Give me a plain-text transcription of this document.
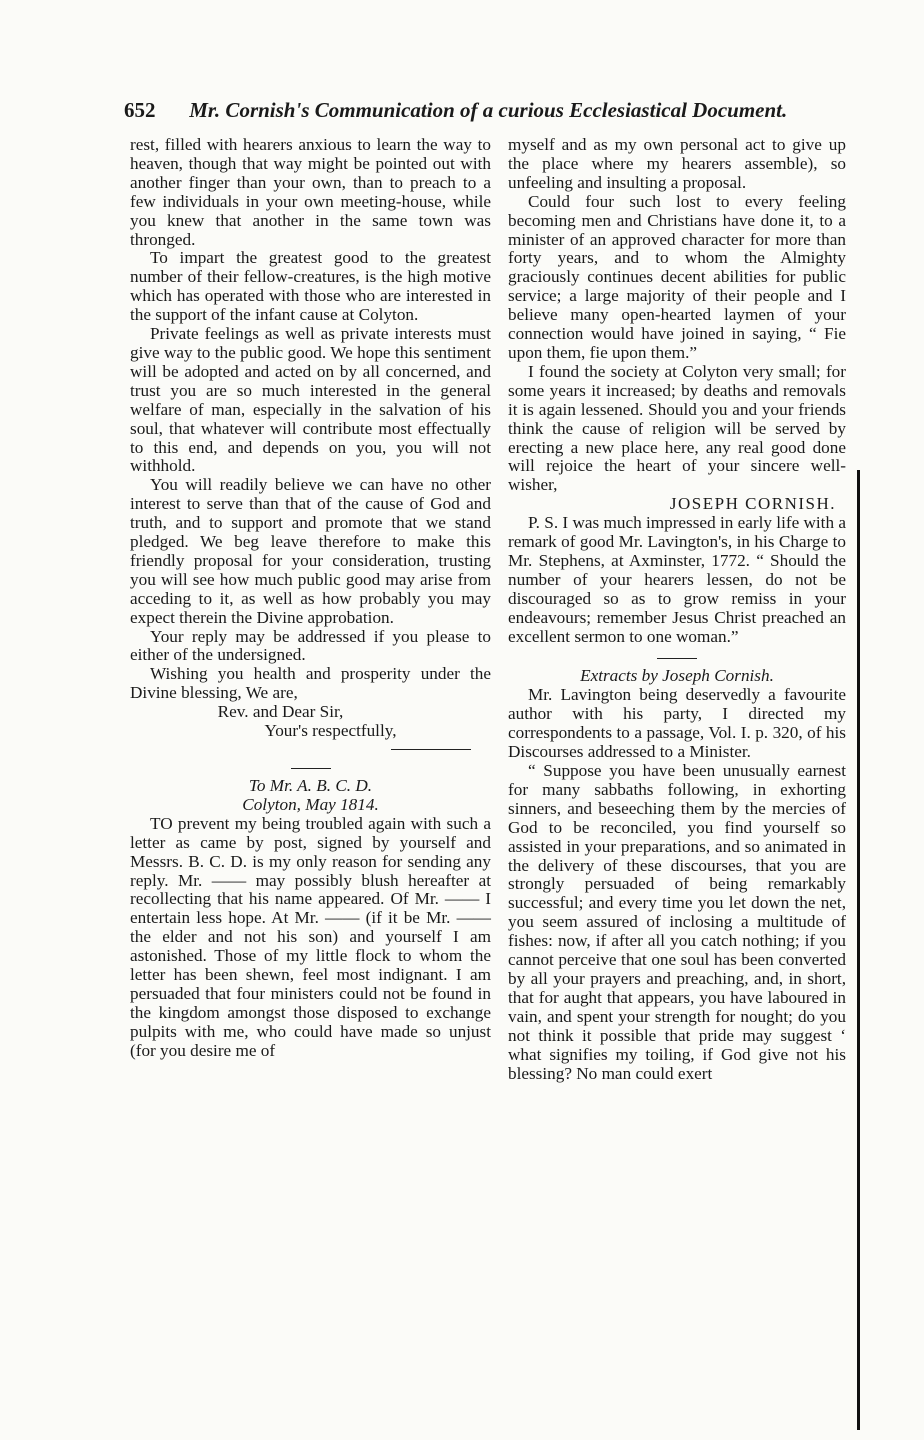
652 Mr. Cornish's Communication of a curious Ecclesiastical Document.

rest, filled with hearers anxious to learn the way to heaven, though that way might be pointed out with another finger than your own, than to preach to a few individuals in your own meeting-house, while you knew that another in the same town was thronged.

To impart the greatest good to the greatest number of their fellow-creatures, is the high motive which has operated with those who are interested in the support of the infant cause at Colyton.

Private feelings as well as private interests must give way to the public good. We hope this sentiment will be adopted and acted on by all concerned, and trust you are so much interested in the general welfare of man, especially in the salvation of his soul, that whatever will contribute most effectually to this end, and depends on you, you will not withhold.

You will readily believe we can have no other interest to serve than that of the cause of God and truth, and to support and promote that we stand pledged. We beg leave therefore to make this friendly proposal for your consideration, trusting you will see how much public good may arise from acceding to it, as well as how probably you may expect therein the Divine approbation.

Your reply may be addressed if you please to either of the undersigned.

Wishing you health and prosperity under the Divine blessing, We are,

Rev. and Dear Sir,

Your's respectfully,

To Mr. A. B. C. D.

Colyton, May 1814.

TO prevent my being troubled again with such a letter as came by post, signed by yourself and Messrs. B. C. D. is my only reason for sending any reply. Mr. —— may possibly blush hereafter at recollecting that his name appeared. Of Mr. —— I entertain less hope. At Mr. —— (if it be Mr. —— the elder and not his son) and yourself I am astonished. Those of my little flock to whom the letter has been shewn, feel most indignant. I am persuaded that four ministers could not be found in the kingdom amongst those disposed to exchange pulpits with me, who could have made so unjust (for you desire me of

myself and as my own personal act to give up the place where my hearers assemble), so unfeeling and insulting a proposal.

Could four such lost to every feeling becoming men and Christians have done it, to a minister of an approved character for more than forty years, and to whom the Almighty graciously continues decent abilities for public service; a large majority of their people and I believe many open-hearted laymen of your connection would have joined in saying, “ Fie upon them, fie upon them.”

I found the society at Colyton very small; for some years it increased; by deaths and removals it is again lessened. Should you and your friends think the cause of religion will be served by erecting a new place here, any real good done will rejoice the heart of your sincere well-wisher,

JOSEPH CORNISH.

P. S. I was much impressed in early life with a remark of good Mr. Lavington's, in his Charge to Mr. Stephens, at Axminster, 1772. “ Should the number of your hearers lessen, do not be discouraged so as to grow remiss in your endeavours; remember Jesus Christ preached an excellent sermon to one woman.”

Extracts by Joseph Cornish.

Mr. Lavington being deservedly a favourite author with his party, I directed my correspondents to a passage, Vol. I. p. 320, of his Discourses addressed to a Minister.

“ Suppose you have been unusually earnest for many sabbaths following, in exhorting sinners, and beseeching them by the mercies of God to be reconciled, you find yourself so assisted in your preparations, and so animated in the delivery of these discourses, that you are strongly persuaded of being remarkably successful; and every time you let down the net, you seem assured of inclosing a multitude of fishes: now, if after all you catch nothing; if you cannot perceive that one soul has been converted by all your prayers and preaching, and, in short, that for aught that appears, you have laboured in vain, and spent your strength for nought; do you not think it possible that pride may suggest ‘ what signifies my toiling, if God give not his blessing? No man could exert
